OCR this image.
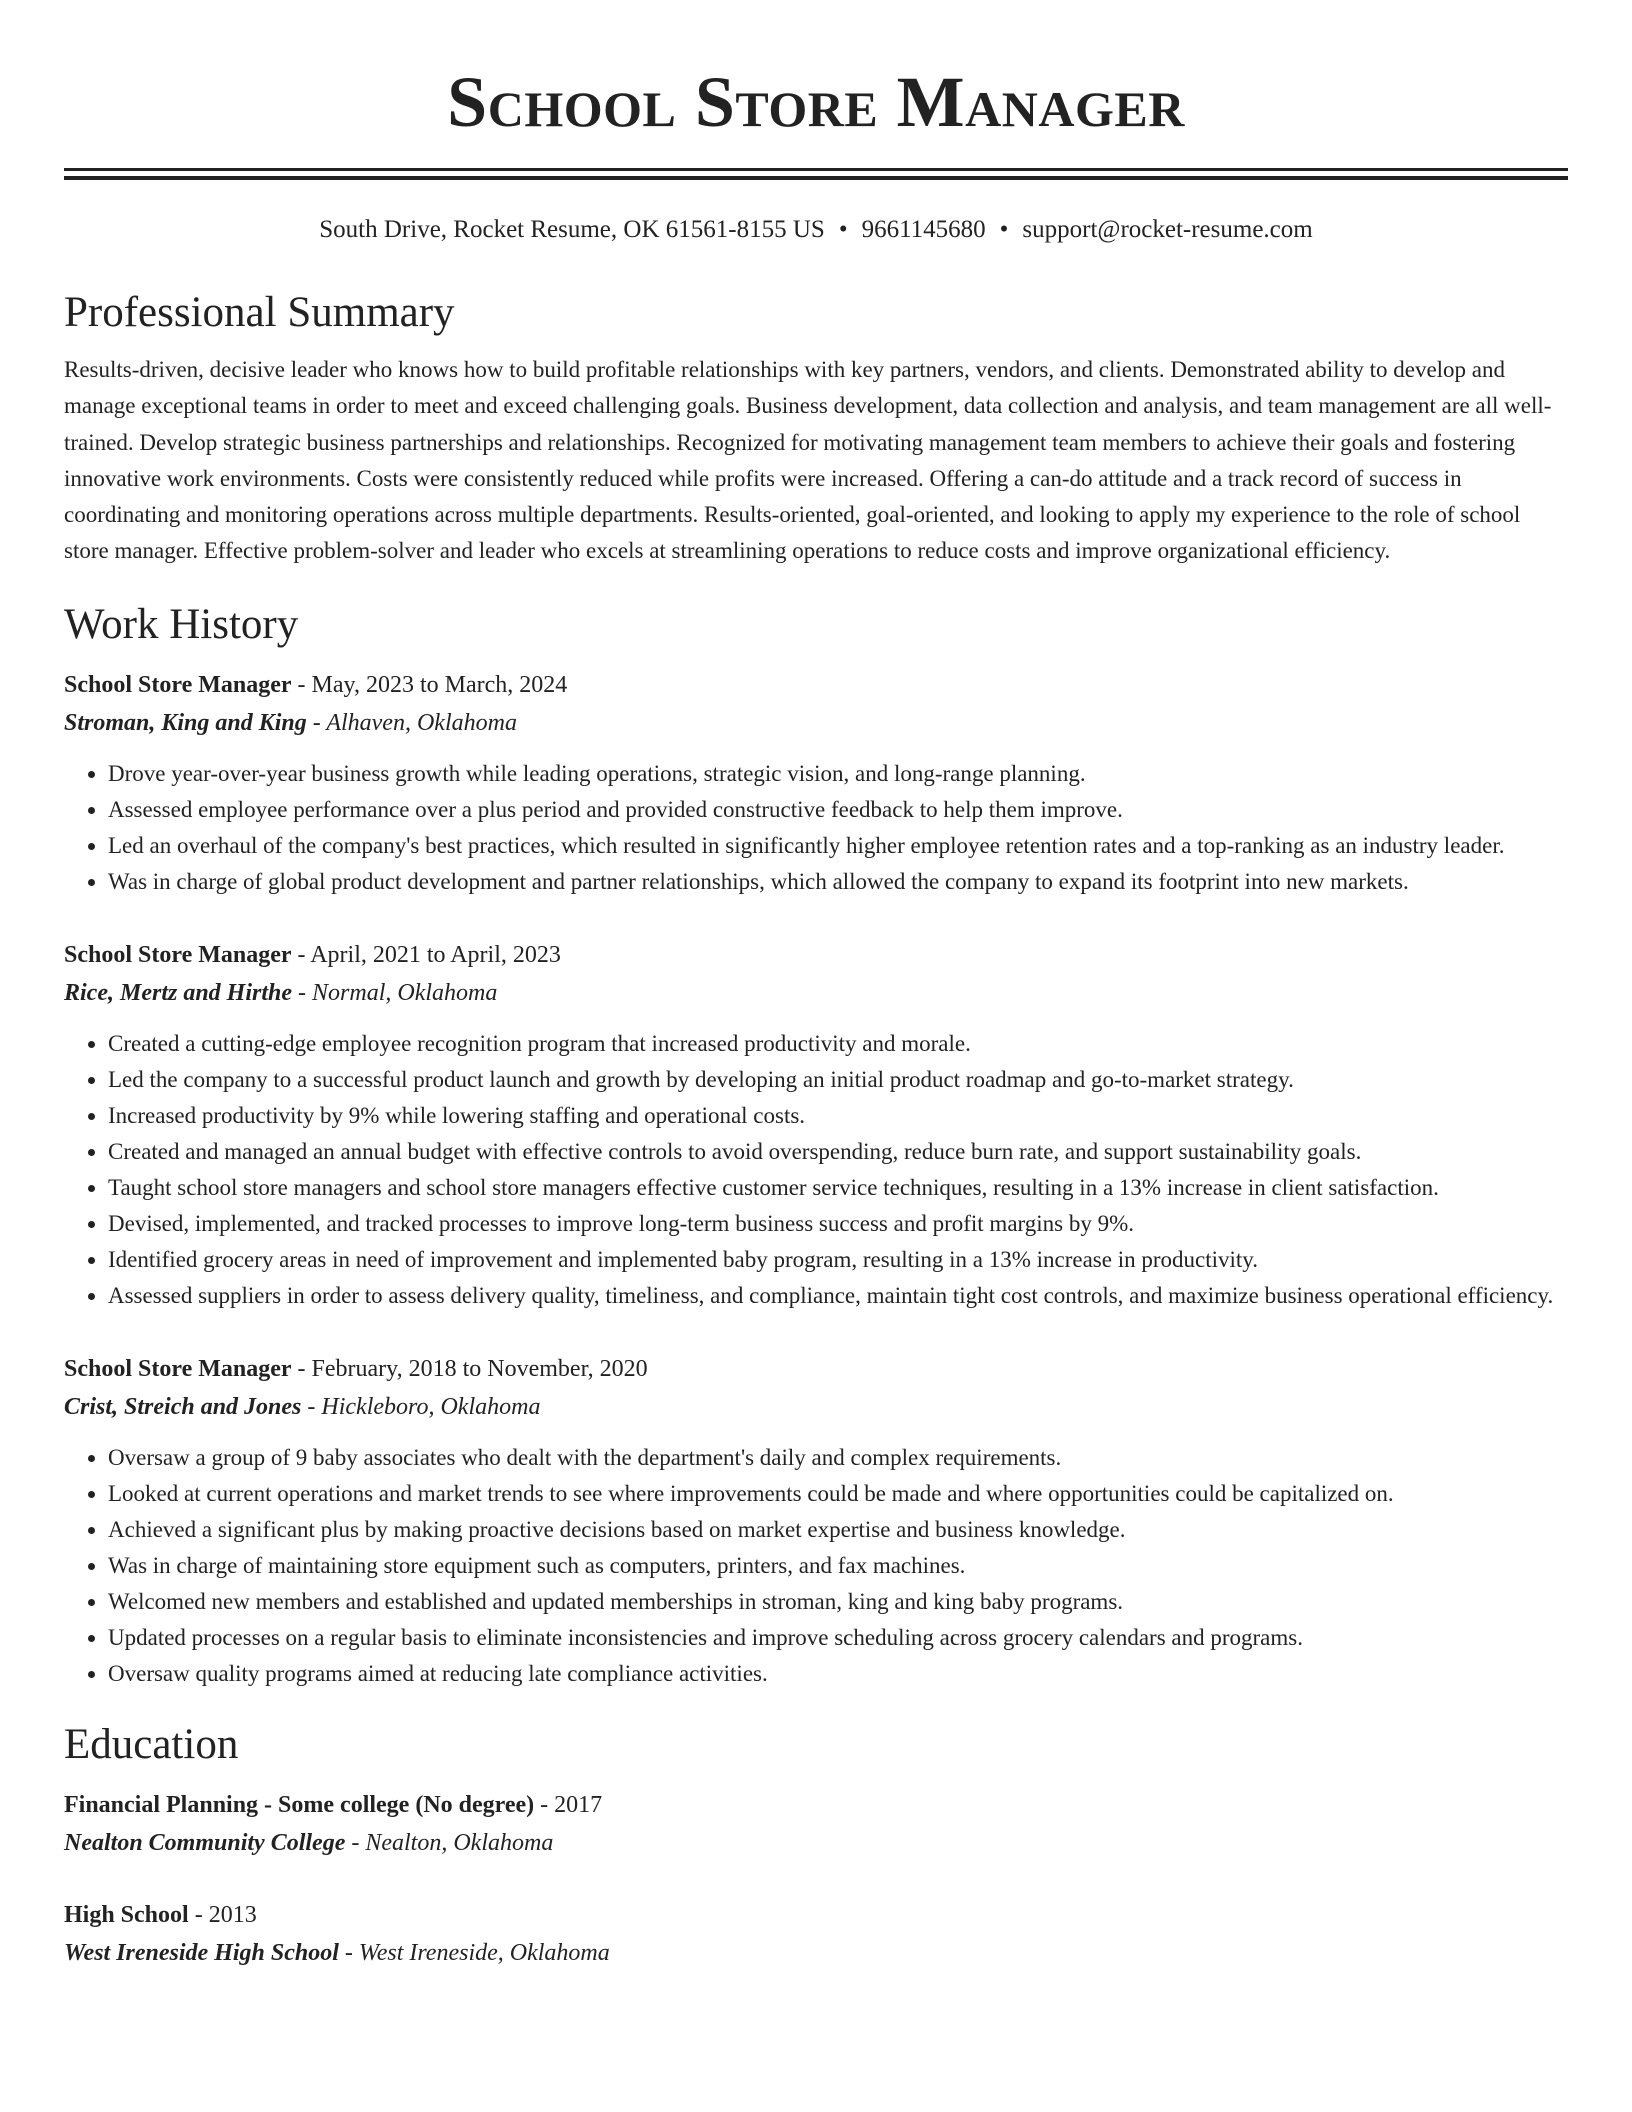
School Store Manager
South Drive, Rocket Resume, OK 61561-8155 US • 9661145680 • support@rocket-resume.com
Professional Summary

Results-driven, decisive leader who knows how to build profitable relationships with key partners, vendors, and clients. Demonstrated ability to develop and manage exceptional teams in order to meet and exceed challenging goals. Business development, data collection and analysis, and team management are all well-trained. Develop strategic business partnerships and relationships. Recognized for motivating management team members to achieve their goals and fostering innovative work environments. Costs were consistently reduced while profits were increased. Offering a can-do attitude and a track record of success in coordinating and monitoring operations across multiple departments. Results-oriented, goal-oriented, and looking to apply my experience to the role of school store manager. Effective problem-solver and leader who excels at streamlining operations to reduce costs and improve organizational efficiency.

Work History
School Store Manager - May, 2023 to March, 2024
Stroman, King and King - Alhaven, Oklahoma
• Drove year-over-year business growth while leading operations, strategic vision, and long-range planning.
• Assessed employee performance over a plus period and provided constructive feedback to help them improve.
• Led an overhaul of the company's best practices, which resulted in significantly higher employee retention rates and a top-ranking as an industry leader.
• Was in charge of global product development and partner relationships, which allowed the company to expand its footprint into new markets.
School Store Manager - April, 2021 to April, 2023
Rice, Mertz and Hirthe - Normal, Oklahoma
• Created a cutting-edge employee recognition program that increased productivity and morale.
• Led the company to a successful product launch and growth by developing an initial product roadmap and go-to-market strategy.
• Increased productivity by 9% while lowering staffing and operational costs.
• Created and managed an annual budget with effective controls to avoid overspending, reduce burn rate, and support sustainability goals.
• Taught school store managers and school store managers effective customer service techniques, resulting in a 13% increase in client satisfaction.
• Devised, implemented, and tracked processes to improve long-term business success and profit margins by 9%.
• Identified grocery areas in need of improvement and implemented baby program, resulting in a 13% increase in productivity.
• Assessed suppliers in order to assess delivery quality, timeliness, and compliance, maintain tight cost controls, and maximize business operational efficiency.
School Store Manager - February, 2018 to November, 2020
Crist, Streich and Jones - Hickleboro, Oklahoma
• Oversaw a group of 9 baby associates who dealt with the department's daily and complex requirements.
• Looked at current operations and market trends to see where improvements could be made and where opportunities could be capitalized on.
• Achieved a significant plus by making proactive decisions based on market expertise and business knowledge.
• Was in charge of maintaining store equipment such as computers, printers, and fax machines.
• Welcomed new members and established and updated memberships in stroman, king and king baby programs.
• Updated processes on a regular basis to eliminate inconsistencies and improve scheduling across grocery calendars and programs.
• Oversaw quality programs aimed at reducing late compliance activities.
Education
Financial Planning - Some college (No degree) - 2017
Nealton Community College - Nealton, Oklahoma
High School - 2013
West Ireneside High School - West Ireneside, Oklahoma
